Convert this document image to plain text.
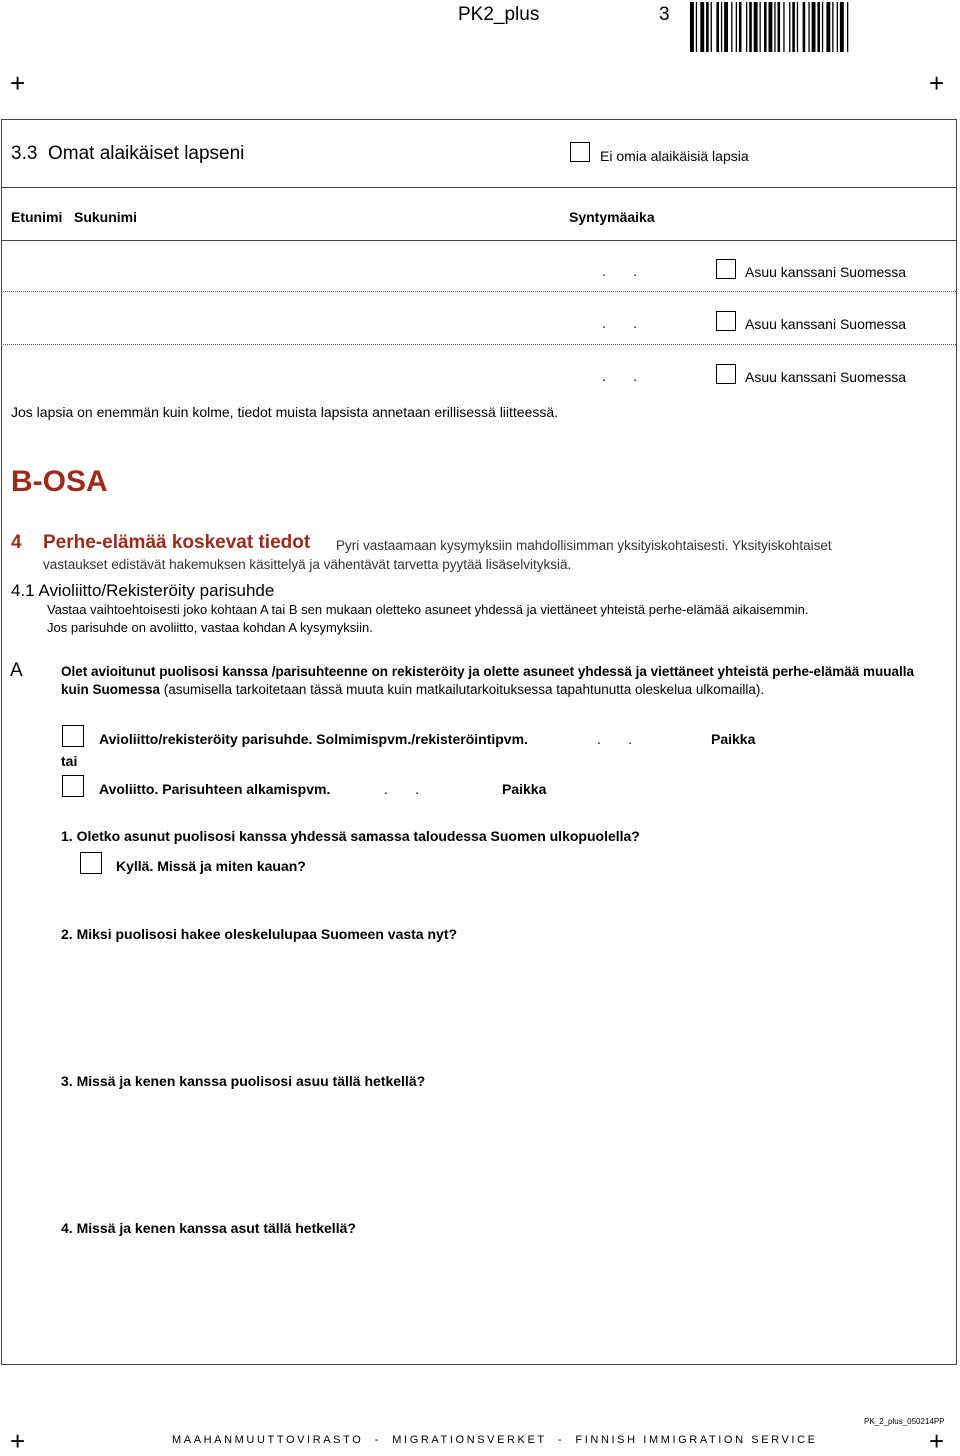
PK2_plus	3
+	+
3.3  Omat alaikäiset lapseni	Ei omia alaikäisiä lapsia
Etunimi   Sukunimi	Syntymäaika
.       .	Asuu kanssani Suomessa
.       .	Asuu kanssani Suomessa
.       .	Asuu kanssani Suomessa
Jos lapsia on enemmän kuin kolme, tiedot muista lapsista annetaan erillisessä liitteessä.
B-OSA
4 Perhe-elämää koskevat tiedot Pyri vastaamaan kysymyksiin mahdollisimman yksityiskohtaisesti. Yksityiskohtaiset
vastaukset edistävät hakemuksen käsittelyä ja vähentävät tarvetta pyytää lisäselvityksiä.
4.1 Avioliitto/Rekisteröity parisuhde
Vastaa vaihtoehtoisesti joko kohtaan A tai B sen mukaan oletteko asuneet yhdessä ja viettäneet yhteistä perhe-elämää aikaisemmin.
Jos parisuhde on avoliitto, vastaa kohdan A kysymyksiin.
A	Olet avioitunut puolisosi kanssa /parisuhteenne on rekisteröity ja olette asuneet yhdessä ja viettäneet yhteistä perhe-elämää muualla
kuin Suomessa (asumisella tarkoitetaan tässä muuta kuin matkailutarkoituksessa tapahtunutta oleskelua ulkomailla).
Avioliitto/rekisteröity parisuhde. Solmimispvm./rekisteröintipvm.	.       .	Paikka
tai
Avoliitto. Parisuhteen alkamispvm.	.       .	Paikka
1. Oletko asunut puolisosi kanssa yhdessä samassa taloudessa Suomen ulkopuolella?
Kyllä. Missä ja miten kauan?
2. Miksi puolisosi hakee oleskelulupaa Suomeen vasta nyt?
3. Missä ja kenen kanssa puolisosi asuu tällä hetkellä?
4. Missä ja kenen kanssa asut tällä hetkellä?
PK_2_plus_050214PP
+	MAAHANMUUTTOVIRASTO  -  MIGRATIONSVERKET  -  FINNISH IMMIGRATION SERVICE	+
